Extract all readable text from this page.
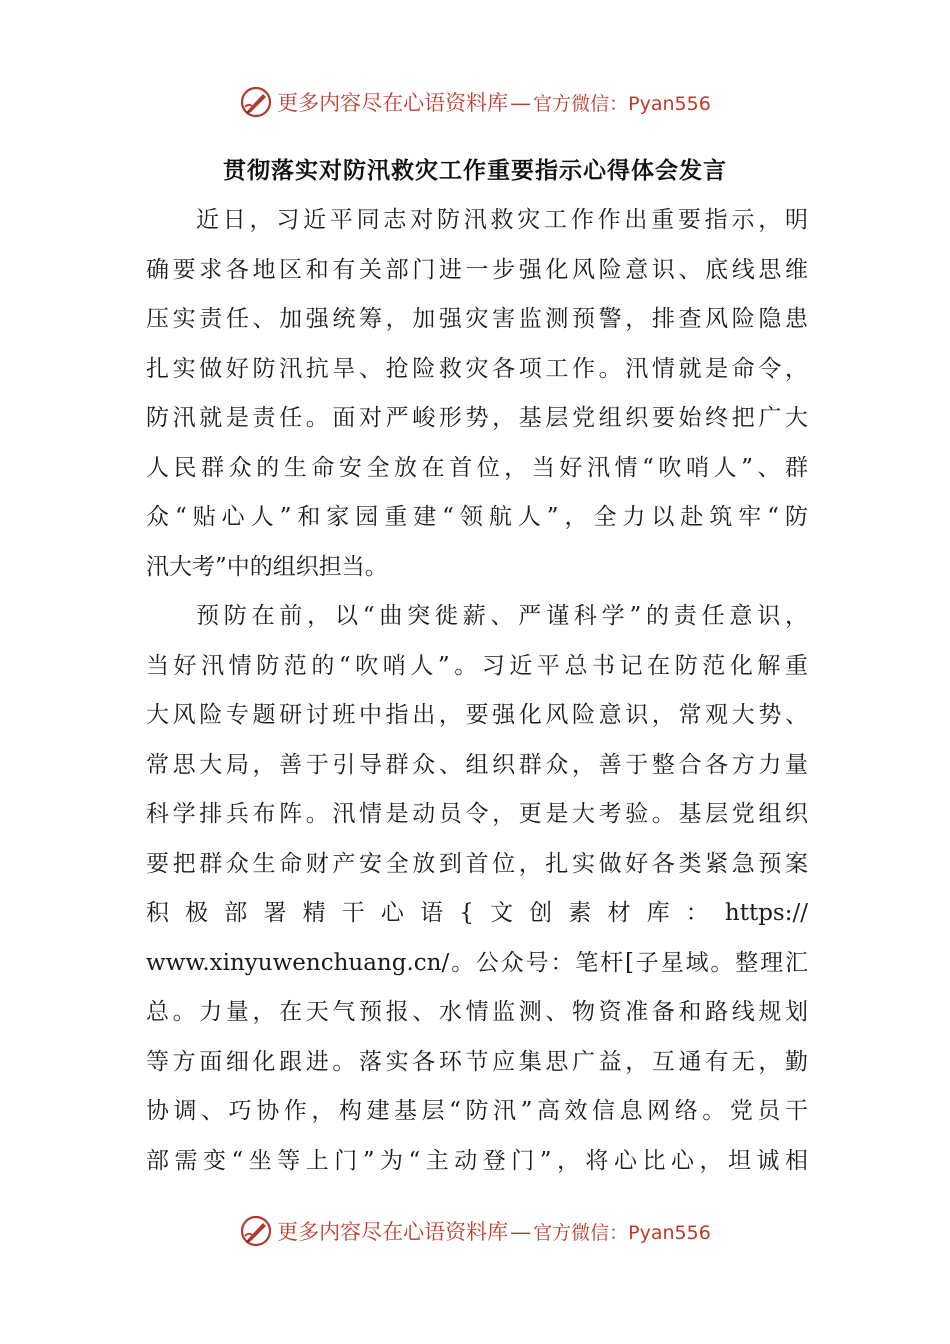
更多内容尽在心语资料库— 官方微信：Pyan556
贯彻落实对防汛救灾工作重要指示心得体会发言
近日，习近平同志对防汛救灾工作作出重要指示，明
确要求各地区和有关部门进一步强化风险意识、底线思维
压实责任、加强统筹，加强灾害监测预警，排查风险隐患
扎实做好防汛抗旱、抢险救灾各项工作。汛情就是命令，
防汛就是责任。面对严峻形势，基层党组织要始终把广大
人民群众的生命安全放在首位，当好汛情“吹哨人”、群
众“贴心人”和家园重建“领航人”，全力以赴筑牢“防
汛大考”中的组织担当。
预防在前，以“曲突徙薪、严谨科学”的责任意识，
当好汛情防范的“吹哨人”。习近平总书记在防范化解重
大风险专题研讨班中指出，要强化风险意识，常观大势、
常思大局，善于引导群众、组织群众，善于整合各方力量
科学排兵布阵。汛情是动员令，更是大考验。基层党组织
要把群众生命财产安全放到首位，扎实做好各类紧急预案
积极部署精干心语{文创素材库：https://
www.xinyuwenchuang.cn/。公众号：笔杆[子星域。整理汇
总。力量，在天气预报、水情监测、物资准备和路线规划
等方面细化跟进。落实各环节应集思广益，互通有无，勤
协调、巧协作，构建基层“防汛”高效信息网络。党员干
部需变“坐等上门”为“主动登门”，将心比心，坦诚相
更多内容尽在心语资料库— 官方微信：Pyan556
